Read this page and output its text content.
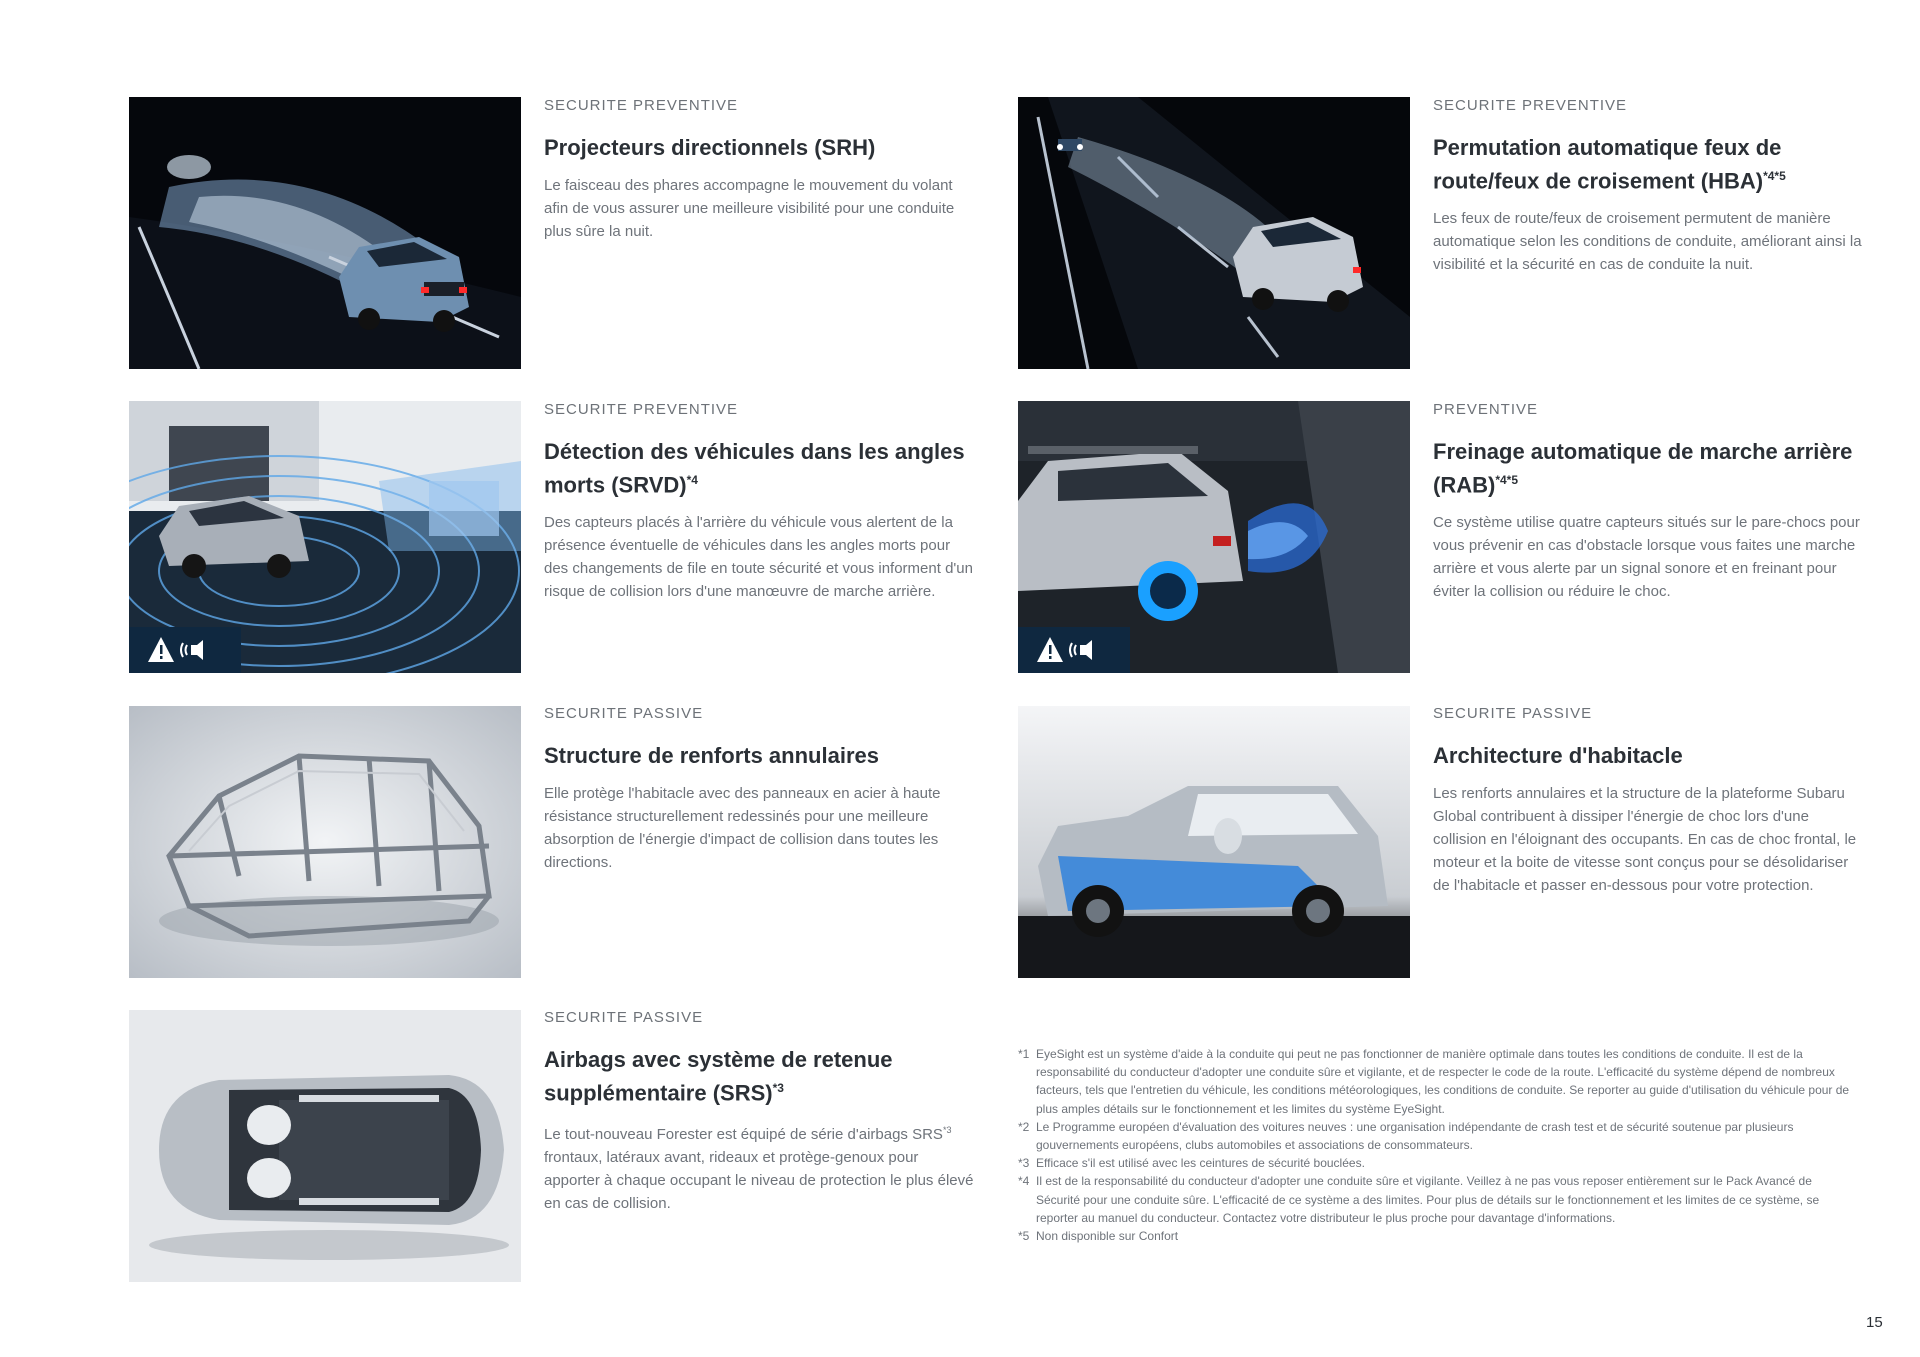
SECURITE PREVENTIVE
Projecteurs directionnels (SRH)
Le faisceau des phares accompagne le mouvement du volant afin de vous assurer une meilleure visibilité pour une conduite plus sûre la nuit.
SECURITE PREVENTIVE
Permutation automatique feux de route/feux de croisement (HBA)$^{*4*5}$
Les feux de route/feux de croisement permutent de manière automatique selon les conditions de conduite, améliorant ainsi la visibilité et la sécurité en cas de conduite la nuit.
SECURITE PREVENTIVE
Détection des véhicules dans les angles morts (SRVD)$^{*4}$
Des capteurs placés à l'arrière du véhicule vous alertent de la présence éventuelle de véhicules dans les angles morts pour des changements de file en toute sécurité et vous informent d'un risque de collision lors d'une manœuvre de marche arrière.
PREVENTIVE
Freinage automatique de marche arrière (RAB)$^{*4*5}$
Ce système utilise quatre capteurs situés sur le pare-chocs pour vous prévenir en cas d'obstacle lorsque vous faites une marche arrière et vous alerte par un signal sonore et en freinant pour éviter la collision ou réduire le choc.
SECURITE PASSIVE
Structure de renforts annulaires
Elle protège l'habitacle avec des panneaux en acier à haute résistance structurellement redessinés pour une meilleure absorption de l'énergie d'impact de collision dans toutes les directions.
SECURITE PASSIVE
Architecture d'habitacle
Les renforts annulaires et la structure de la plateforme Subaru Global contribuent à dissiper l'énergie de choc lors d'une collision en l'éloignant des occupants. En cas de choc frontal, le moteur et la boite de vitesse sont conçus pour se désolidariser de l'habitacle et passer en-dessous pour votre protection.
SECURITE PASSIVE
Airbags avec système de retenue supplémentaire (SRS)$^{*3}$
Le tout-nouveau Forester est équipé de série d'airbags SRS$^{*3}$ frontaux, latéraux avant, rideaux et protège-genoux pour apporter à chaque occupant le niveau de protection le plus élevé en cas de collision.
*1 EyeSight est un système d'aide à la conduite qui peut ne pas fonctionner de manière optimale dans toutes les conditions de conduite. Il est de la responsabilité du conducteur d'adopter une conduite sûre et vigilante, et de respecter le code de la route. L'efficacité du système dépend de nombreux facteurs, tels que l'entretien du véhicule, les conditions météorologiques, les conditions de conduite. Se reporter au guide d'utilisation du véhicule pour de plus amples détails sur le fonctionnement et les limites du système EyeSight.
*2 Le Programme européen d'évaluation des voitures neuves : une organisation indépendante de crash test et de sécurité soutenue par plusieurs gouvernements européens, clubs automobiles et associations de consommateurs.
*3 Efficace s'il est utilisé avec les ceintures de sécurité bouclées.
*4 Il est de la responsabilité du conducteur d'adopter une conduite sûre et vigilante. Veillez à ne pas vous reposer entièrement sur le Pack Avancé de Sécurité pour une conduite sûre. L'efficacité de ce système a des limites. Pour plus de détails sur le fonctionnement et les limites de ce système, se reporter au manuel du conducteur. Contactez votre distributeur le plus proche pour davantage d'informations.
*5 Non disponible sur Confort
15
